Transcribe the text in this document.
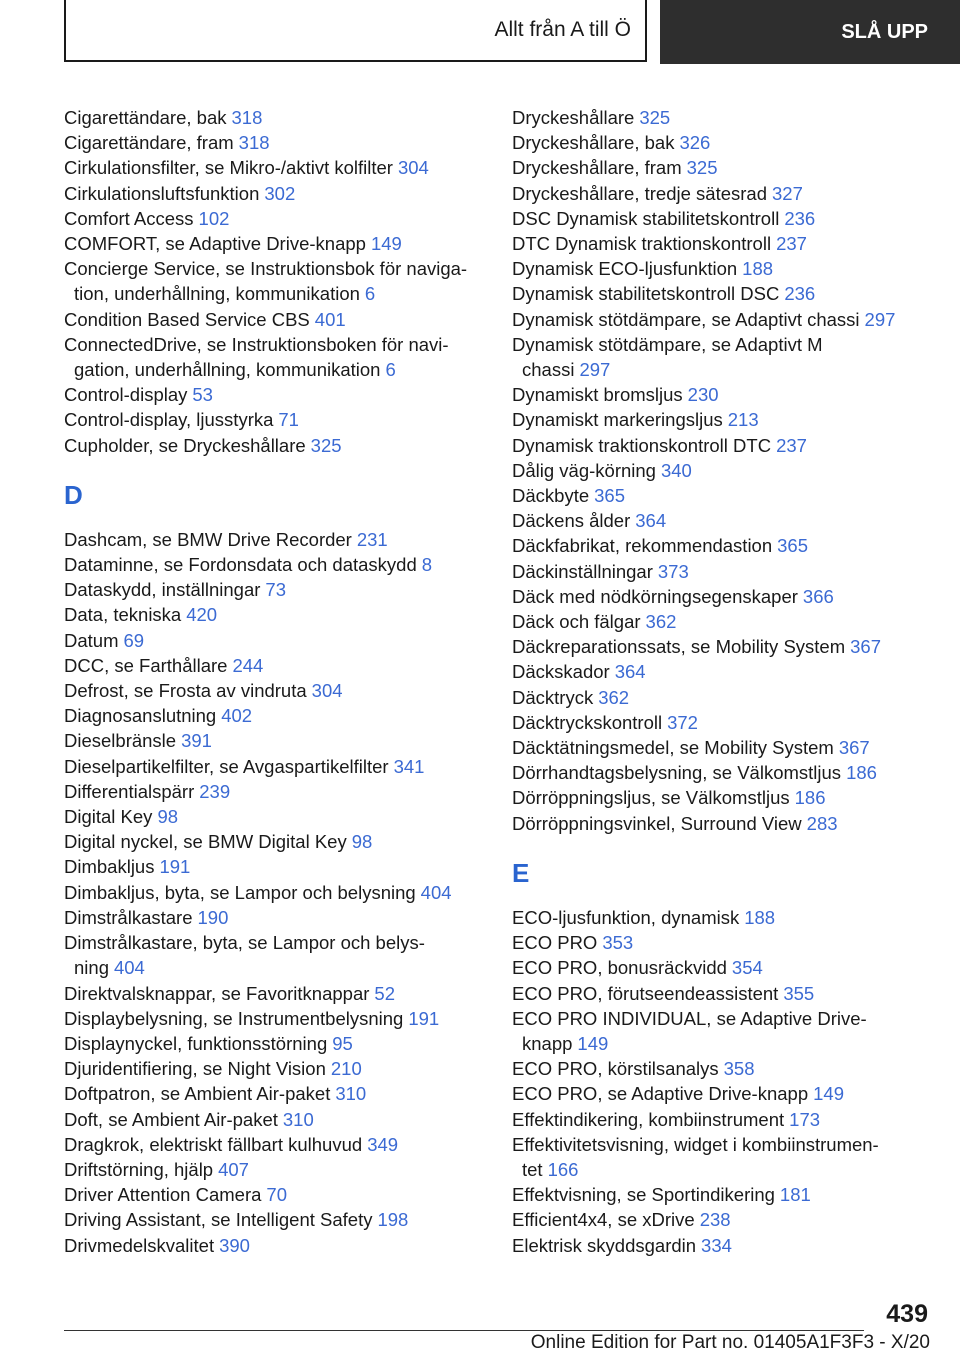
Allt från A till Ö	SLÅ UPP
Cigarettändare, bak 318
Cigarettändare, fram 318
Cirkulationsfilter, se Mikro-/aktivt kolfilter 304
Cirkulationsluftsfunktion 302
Comfort Access 102
COMFORT, se Adaptive Drive-knapp 149
Concierge Service, se Instruktionsbok för naviga-
tion, underhållning, kommunikation 6
Condition Based Service CBS 401
ConnectedDrive, se Instruktionsboken för navi-
gation, underhållning, kommunikation 6
Control-display 53
Control-display, ljusstyrka 71
Cupholder, se Dryckeshållare 325
D
Dashcam, se BMW Drive Recorder 231
Dataminne, se Fordonsdata och dataskydd 8
Dataskydd, inställningar 73
Data, tekniska 420
Datum 69
DCC, se Farthållare 244
Defrost, se Frosta av vindruta 304
Diagnosanslutning 402
Dieselbränsle 391
Dieselpartikelfilter, se Avgaspartikelfilter 341
Differentialspärr 239
Digital Key 98
Digital nyckel, se BMW Digital Key 98
Dimbakljus 191
Dimbakljus, byta, se Lampor och belysning 404
Dimstrålkastare 190
Dimstrålkastare, byta, se Lampor och belys-
ning 404
Direktvalsknappar, se Favoritknappar 52
Displaybelysning, se Instrumentbelysning 191
Displaynyckel, funktionsstörning 95
Djuridentifiering, se Night Vision 210
Doftpatron, se Ambient Air-paket 310
Doft, se Ambient Air-paket 310
Dragkrok, elektriskt fällbart kulhuvud 349
Driftstörning, hjälp 407
Driver Attention Camera 70
Driving Assistant, se Intelligent Safety 198
Drivmedelskvalitet 390
Dryckeshållare 325
Dryckeshållare, bak 326
Dryckeshållare, fram 325
Dryckeshållare, tredje sätesrad 327
DSC Dynamisk stabilitetskontroll 236
DTC Dynamisk traktionskontroll 237
Dynamisk ECO-ljusfunktion 188
Dynamisk stabilitetskontroll DSC 236
Dynamisk stötdämpare, se Adaptivt chassi 297
Dynamisk stötdämpare, se Adaptivt M
chassi 297
Dynamiskt bromsljus 230
Dynamiskt markeringsljus 213
Dynamisk traktionskontroll DTC 237
Dålig väg-körning 340
Däckbyte 365
Däckens ålder 364
Däckfabrikat, rekommendastion 365
Däckinställningar 373
Däck med nödkörningsegenskaper 366
Däck och fälgar 362
Däckreparationssats, se Mobility System 367
Däckskador 364
Däcktryck 362
Däcktryckskontroll 372
Däcktätningsmedel, se Mobility System 367
Dörrhandtagsbelysning, se Välkomstljus 186
Dörröppningsljus, se Välkomstljus 186
Dörröppningsvinkel, Surround View 283
E
ECO-ljusfunktion, dynamisk 188
ECO PRO 353
ECO PRO, bonusräckvidd 354
ECO PRO, förutseendeassistent 355
ECO PRO INDIVIDUAL, se Adaptive Drive-
knapp 149
ECO PRO, körstilsanalys 358
ECO PRO, se Adaptive Drive-knapp 149
Effektindikering, kombiinstrument 173
Effektivitetsvisning, widget i kombiinstrumen-
tet 166
Effektvisning, se Sportindikering 181
Efficient4x4, se xDrive 238
Elektrisk skyddsgardin 334
439
Online Edition for Part no. 01405A1F3F3 - X/20
